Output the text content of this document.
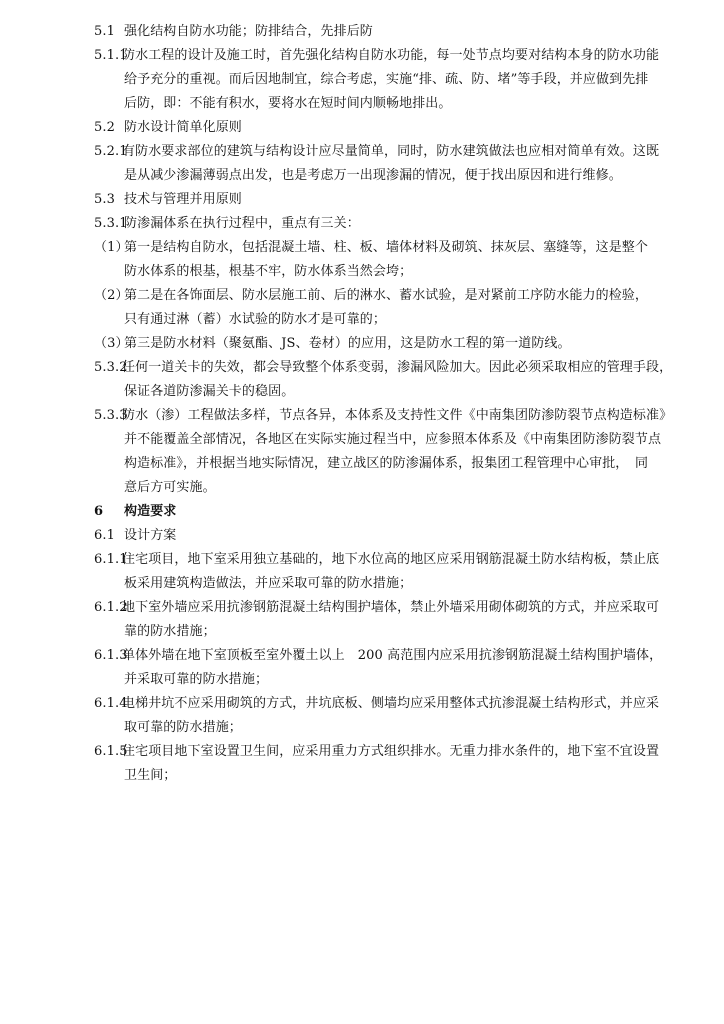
5.1 强化结构自防水功能；防排结合，先排后防
5.1.1
防水工程的设计及施工时，首先强化结构自防水功能，每一处节点均要对结构本身的防水功能
给予充分的重视。而后因地制宜，综合考虑，实施“排、疏、防、堵”等手段，并应做到先排
后防，即：不能有积水，要将水在短时间内顺畅地排出。
5.2 防水设计简单化原则
5.2.1
有防水要求部位的建筑与结构设计应尽量简单，同时，防水建筑做法也应相对简单有效。这既
是从减少渗漏薄弱点出发，也是考虑万一出现渗漏的情况，便于找出原因和进行维修。
5.3 技术与管理并用原则
5.3.1
防渗漏体系在执行过程中，重点有三关：
（1）
第一是结构自防水，包括混凝土墙、柱、板、墙体材料及砌筑、抹灰层、塞缝等，这是整个
防水体系的根基，根基不牢，防水体系当然会垮；
（2）
第二是在各饰面层、防水层施工前、后的淋水、蓄水试验，是对紧前工序防水能力的检验，
只有通过淋（蓄）水试验的防水才是可靠的；
（3）
第三是防水材料（聚氨酯、JS、卷材）的应用，这是防水工程的第一道防线。
5.3.2
任何一道关卡的失效，都会导致整个体系变弱，渗漏风险加大。因此必须采取相应的管理手段，
保证各道防渗漏关卡的稳固。
5.3.3
防水（渗）工程做法多样，节点各异，本体系及支持性文件《中南集团防渗防裂节点构造标准》
并不能覆盖全部情况，各地区在实际实施过程当中，应参照本体系及《中南集团防渗防裂节点
构造标准》，并根据当地实际情况，建立战区的防渗漏体系，报集团工程管理中心审批，　同
意后方可实施。
6 构造要求
6.1 设计方案
6.1.1
住宅项目，地下室采用独立基础的，地下水位高的地区应采用钢筋混凝土防水结构板，禁止底
板采用建筑构造做法，并应采取可靠的防水措施；
6.1.2
地下室外墙应采用抗渗钢筋混凝土结构围护墙体，禁止外墙采用砌体砌筑的方式，并应采取可
靠的防水措施；
6.1.3
单体外墙在地下室顶板至室外覆土以上　200 高范围内应采用抗渗钢筋混凝土结构围护墙体，
并采取可靠的防水措施；
6.1.4
电梯井坑不应采用砌筑的方式，井坑底板、侧墙均应采用整体式抗渗混凝土结构形式，并应采
取可靠的防水措施；
6.1.5
住宅项目地下室设置卫生间，应采用重力方式组织排水。无重力排水条件的，地下室不宜设置
卫生间；
